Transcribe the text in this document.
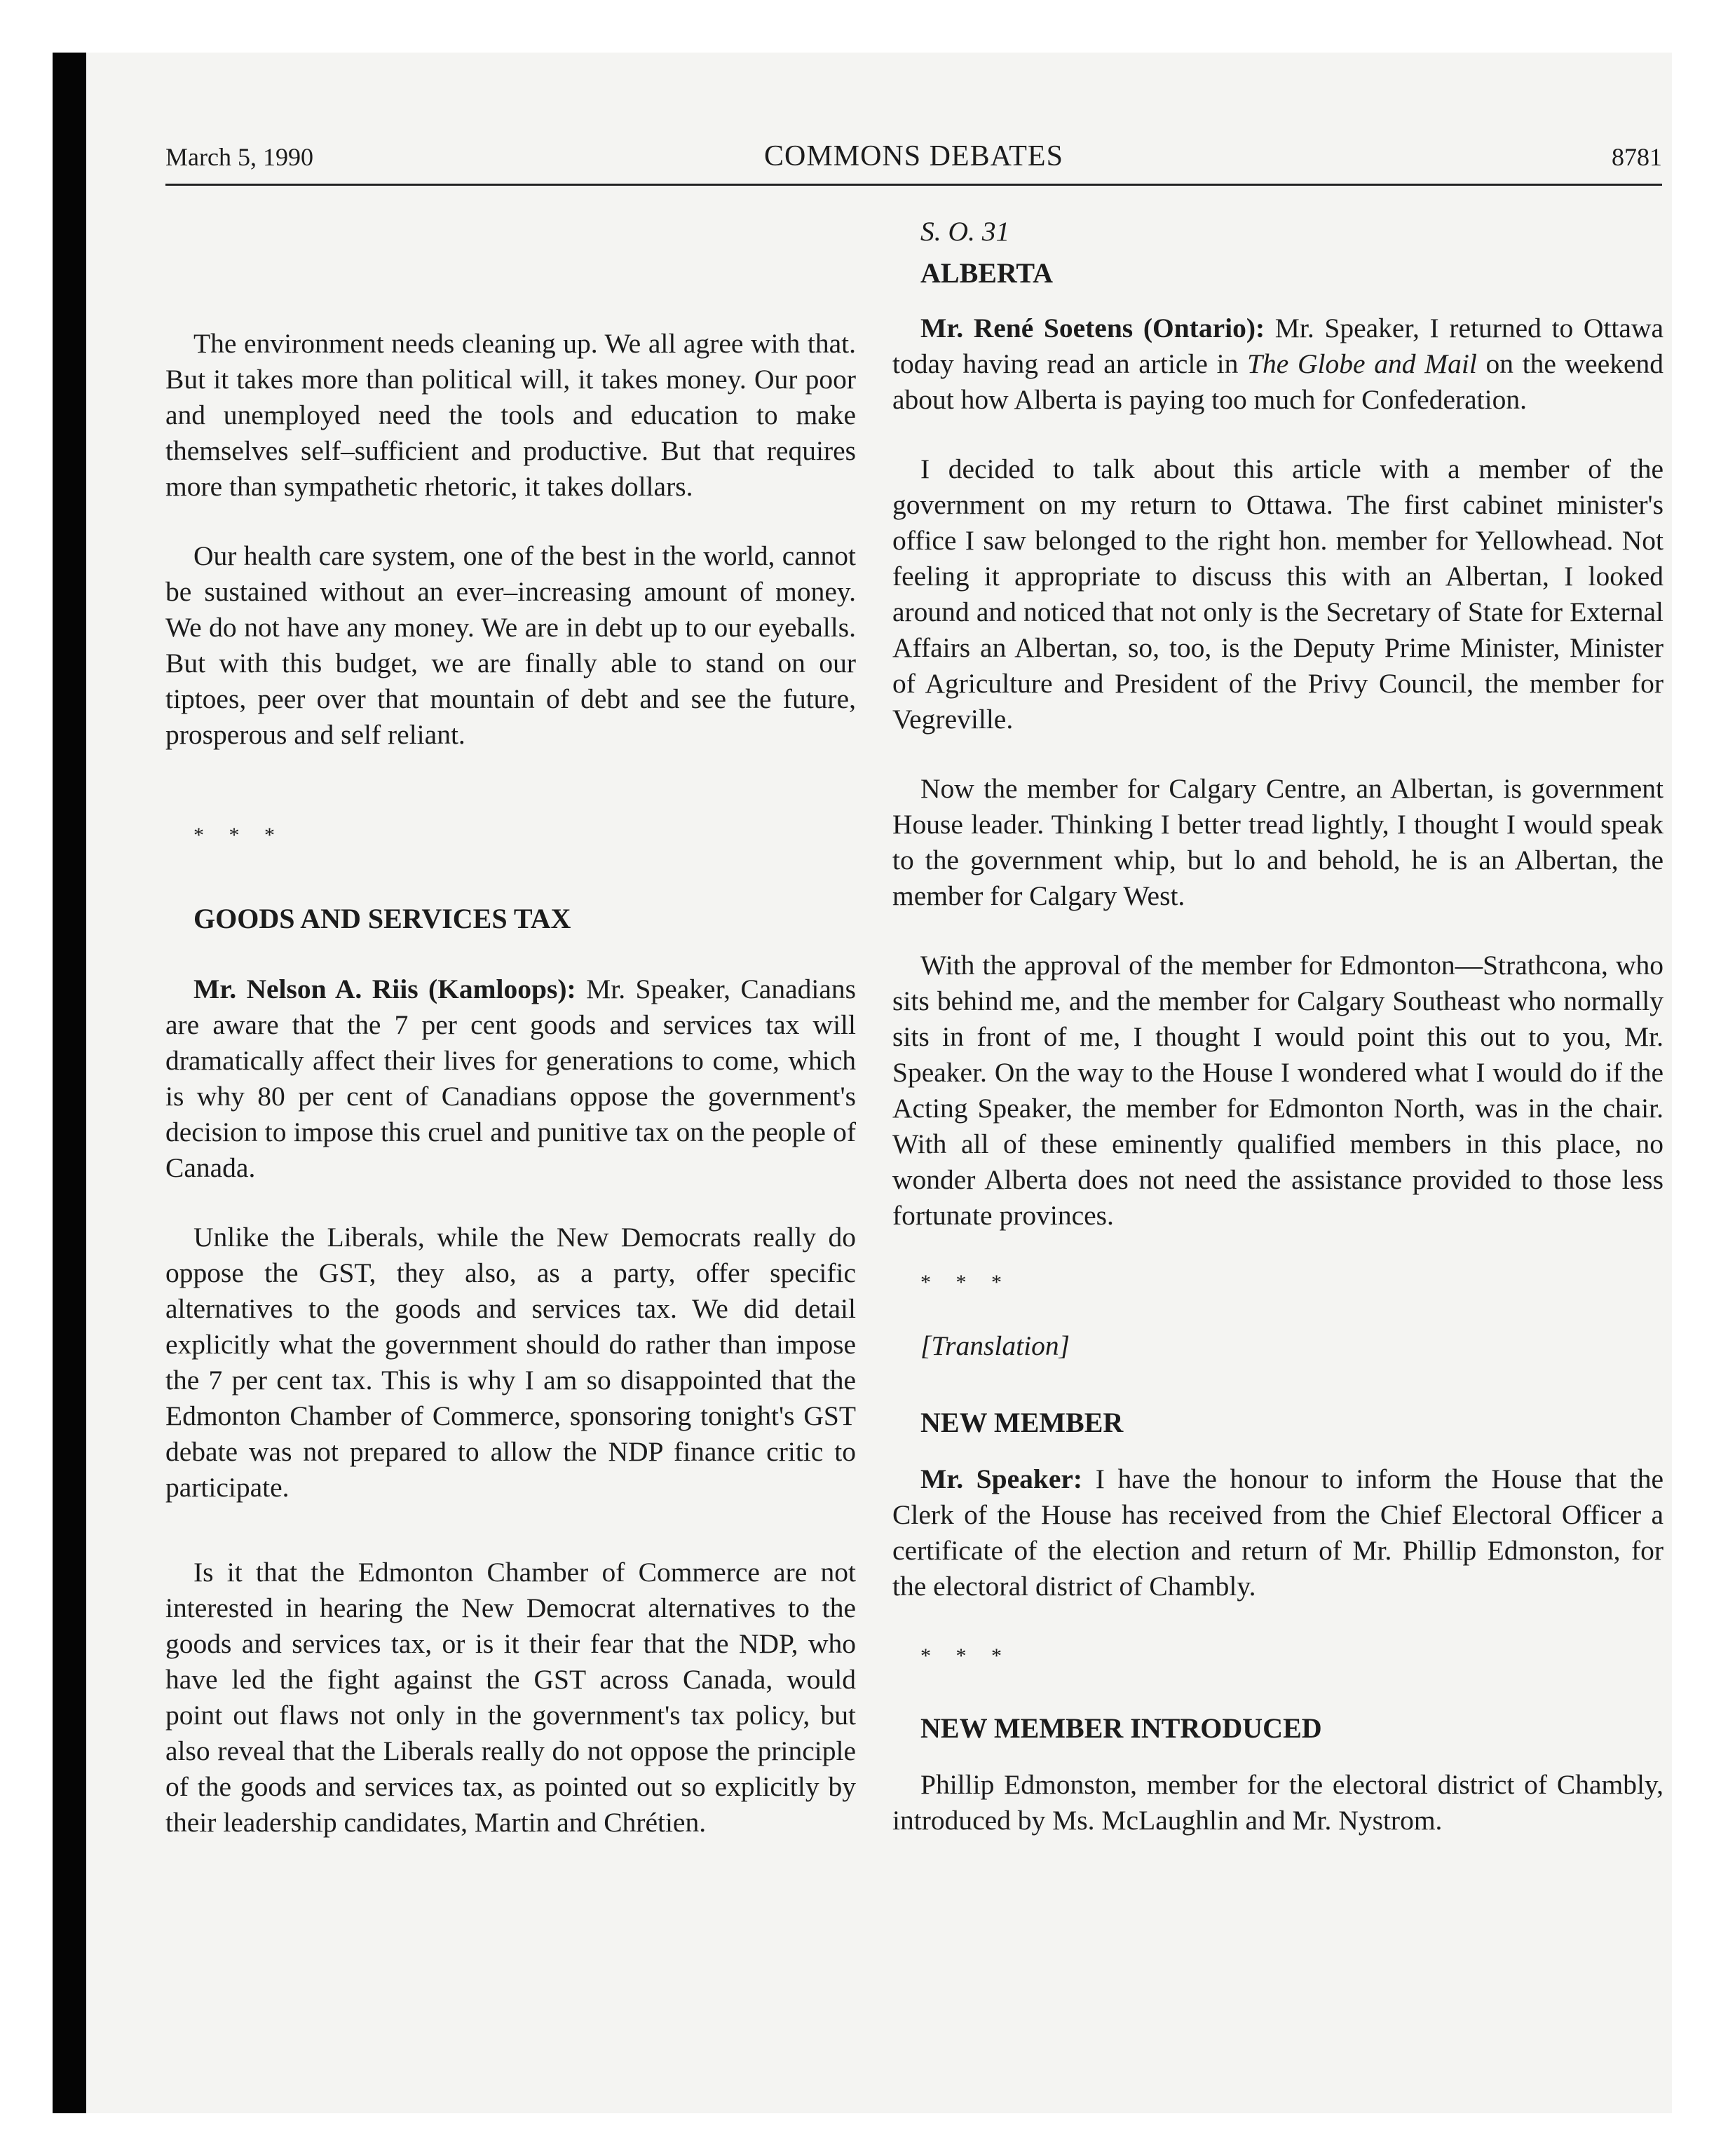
March 5, 1990	COMMONS DEBATES	8781

The environment needs cleaning up. We all agree with that. But it takes more than political will, it takes money. Our poor and unemployed need the tools and education to make themselves self–sufficient and productive. But that requires more than sympathetic rhetoric, it takes dollars.

Our health care system, one of the best in the world, cannot be sustained without an ever–increasing amount of money. We do not have any money. We are in debt up to our eyeballs. But with this budget, we are finally able to stand on our tiptoes, peer over that mountain of debt and see the future, prosperous and self reliant.

* * *

GOODS AND SERVICES TAX

Mr. Nelson A. Riis (Kamloops): Mr. Speaker, Canadians are aware that the 7 per cent goods and services tax will dramatically affect their lives for generations to come, which is why 80 per cent of Canadians oppose the government's decision to impose this cruel and punitive tax on the people of Canada.

Unlike the Liberals, while the New Democrats really do oppose the GST, they also, as a party, offer specific alternatives to the goods and services tax. We did detail explicitly what the government should do rather than impose the 7 per cent tax. This is why I am so disappointed that the Edmonton Chamber of Commerce, sponsoring tonight's GST debate was not prepared to allow the NDP finance critic to participate.

Is it that the Edmonton Chamber of Commerce are not interested in hearing the New Democrat alternatives to the goods and services tax, or is it their fear that the NDP, who have led the fight against the GST across Canada, would point out flaws not only in the government's tax policy, but also reveal that the Liberals really do not oppose the principle of the goods and services tax, as pointed out so explicitly by their leadership candidates, Martin and Chrétien.

S. O. 31

ALBERTA

Mr. René Soetens (Ontario): Mr. Speaker, I returned to Ottawa today having read an article in The Globe and Mail on the weekend about how Alberta is paying too much for Confederation.

I decided to talk about this article with a member of the government on my return to Ottawa. The first cabinet minister's office I saw belonged to the right hon. member for Yellowhead. Not feeling it appropriate to discuss this with an Albertan, I looked around and noticed that not only is the Secretary of State for External Affairs an Albertan, so, too, is the Deputy Prime Minister, Minister of Agriculture and President of the Privy Council, the member for Vegreville.

Now the member for Calgary Centre, an Albertan, is government House leader. Thinking I better tread lightly, I thought I would speak to the government whip, but lo and behold, he is an Albertan, the member for Calgary West.

With the approval of the member for Edmonton—Strathcona, who sits behind me, and the member for Calgary Southeast who normally sits in front of me, I thought I would point this out to you, Mr. Speaker. On the way to the House I wondered what I would do if the Acting Speaker, the member for Edmonton North, was in the chair. With all of these eminently qualified members in this place, no wonder Alberta does not need the assistance provided to those less fortunate provinces.

* * *

[Translation]

NEW MEMBER

Mr. Speaker: I have the honour to inform the House that the Clerk of the House has received from the Chief Electoral Officer a certificate of the election and return of Mr. Phillip Edmonston, for the electoral district of Chambly.

* * *

NEW MEMBER INTRODUCED

Phillip Edmonston, member for the electoral district of Chambly, introduced by Ms. McLaughlin and Mr. Nystrom.
